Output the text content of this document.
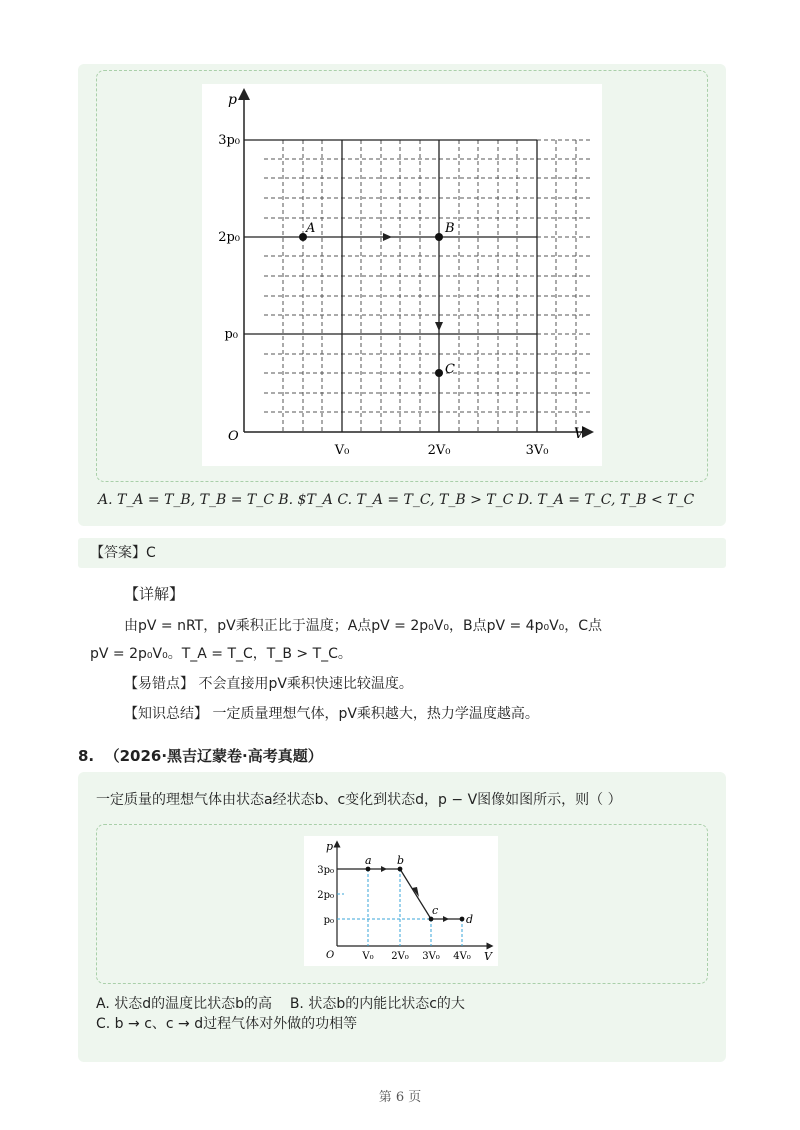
p
V
O
3p₀
2p₀
p₀
V₀	2V₀	3V₀
A	B
C
A. T_A = T_B, T_B = T_C B. $T_A C. T_A = T_C, T_B > T_C D. T_A = T_C, T_B < T_C
【答案】C
【详解】
由pV = nRT，pV乘积正比于温度；A点pV = 2p₀V₀，B点pV = 4p₀V₀，C点
pV = 2p₀V₀。T_A = T_C，T_B > T_C。
【易错点】 不会直接用pV乘积快速比较温度。
【知识总结】 一定质量理想气体，pV乘积越大，热力学温度越高。
8. （2026·黑吉辽蒙卷·高考真题）
一定质量的理想气体由状态a经状态b、c变化到状态d，p − V图像如图所示，则（ ）
p
V
O
3p₀
2p₀
p₀
V₀ 2V₀ 3V₀ 4V₀
a b
c
d
A. 状态d的温度比状态b的高 B. 状态b的内能比状态c的大
C. b → c、c → d过程气体对外做的功相等
第 6 页
